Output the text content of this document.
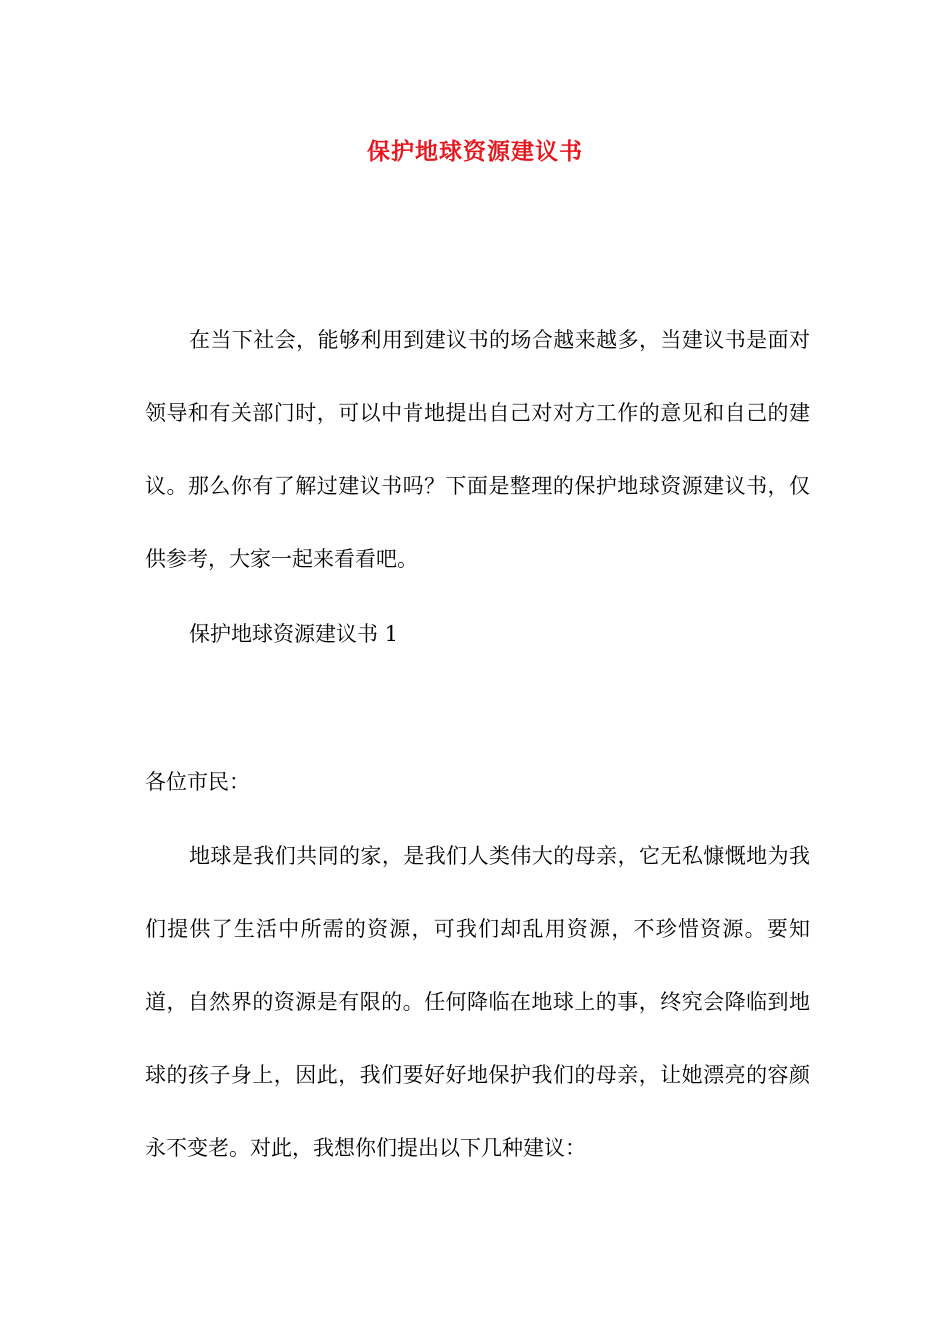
保护地球资源建议书

在当下社会，能够利用到建议书的场合越来越多，当建议书是面对领导和有关部门时，可以中肯地提出自己对对方工作的意见和自己的建议。那么你有了解过建议书吗？下面是整理的保护地球资源建议书，仅供参考，大家一起来看看吧。

保护地球资源建议书 1

各位市民：

地球是我们共同的家，是我们人类伟大的母亲，它无私慷慨地为我们提供了生活中所需的资源，可我们却乱用资源，不珍惜资源。要知道，自然界的资源是有限的。任何降临在地球上的事，终究会降临到地球的孩子身上，因此，我们要好好地保护我们的母亲，让她漂亮的容颜永不变老。对此，我想你们提出以下几种建议：
